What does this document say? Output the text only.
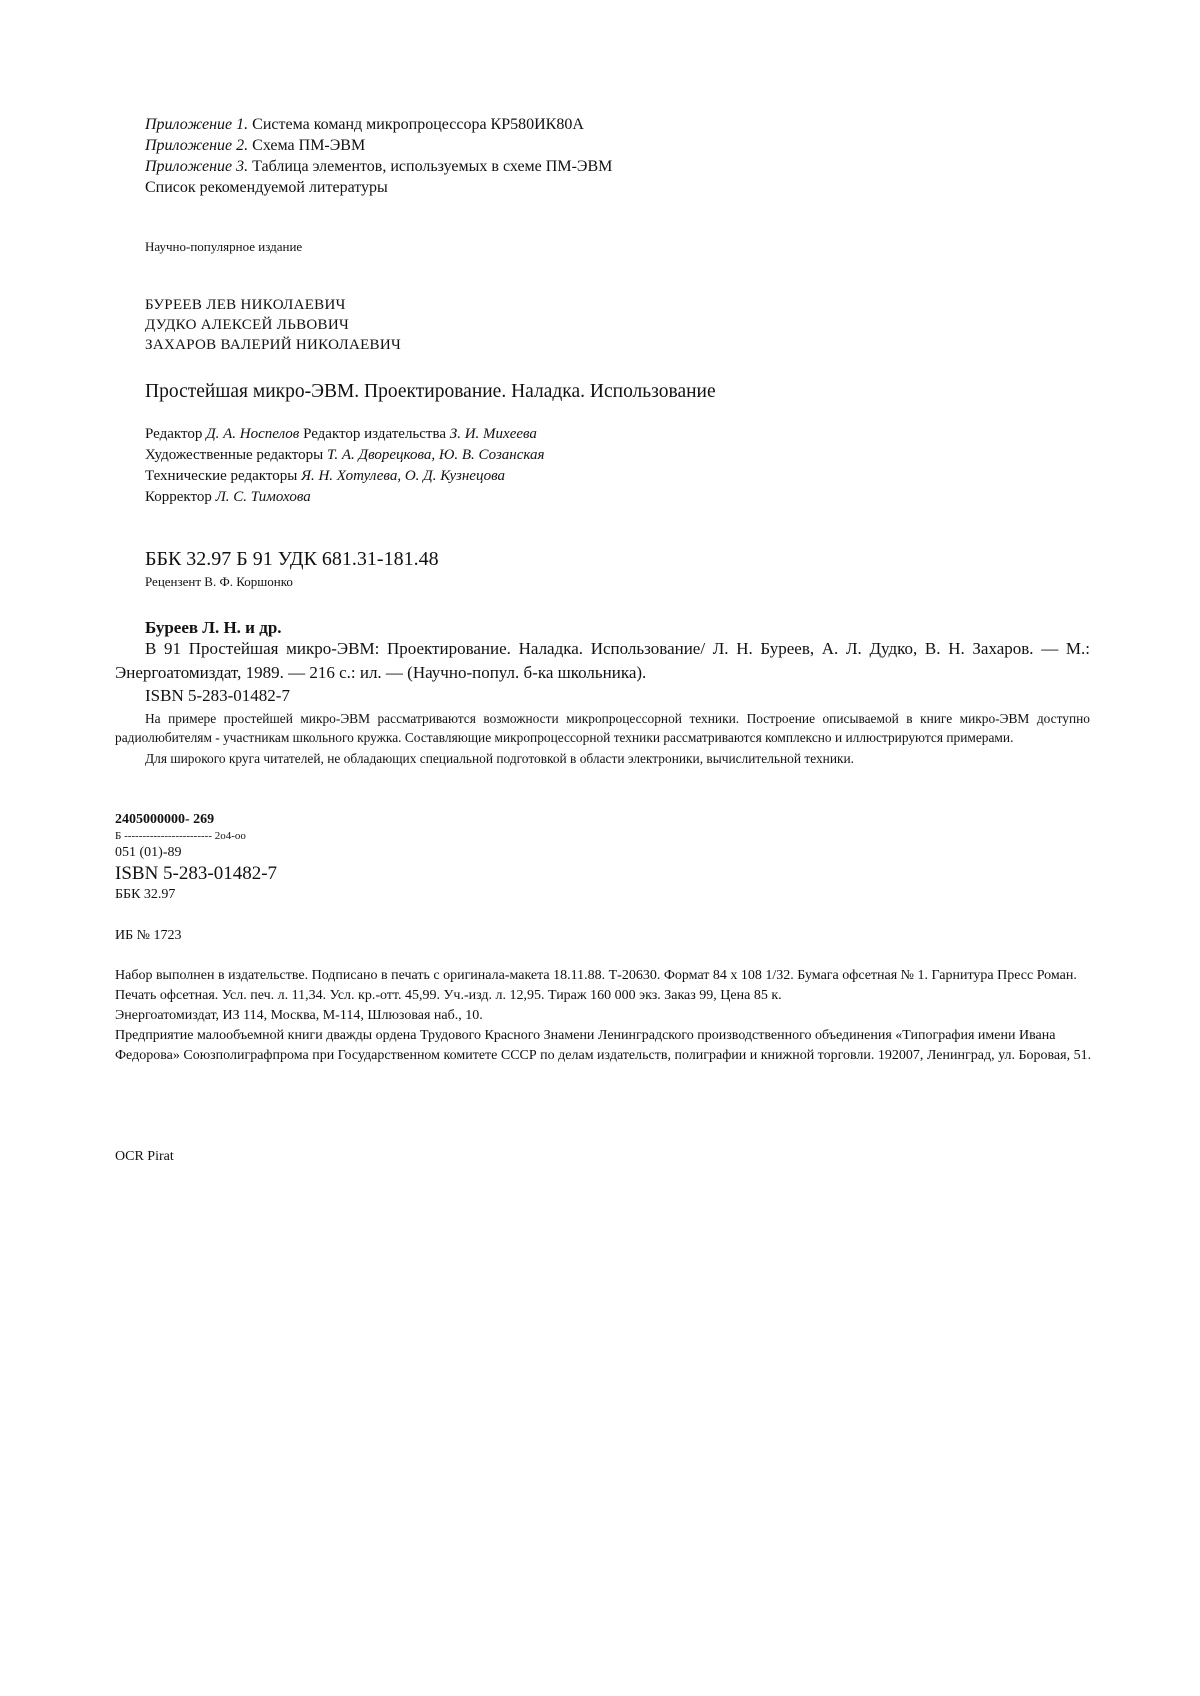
Приложение 1. Система команд микропроцессора КР580ИК80А
Приложение 2. Схема ПМ-ЭВМ
Приложение 3. Таблица элементов, используемых в схеме ПМ-ЭВМ
Список рекомендуемой литературы
Научно-популярное издание
БУРЕЕВ ЛЕВ НИКОЛАЕВИЧ
ДУДКО АЛЕКСЕЙ ЛЬВОВИЧ
ЗАХАРОВ ВАЛЕРИЙ НИКОЛАЕВИЧ
Простейшая микро-ЭВМ. Проектирование. Наладка. Использование
Редактор Д. А. Носпелов Редактор издательства З. И. Михеева
Художественные редакторы Т. А. Дворецкова, Ю. В. Созанская
Технические редакторы Я. Н. Хотулева, О. Д. Кузнецова
Корректор Л. С. Тимохова
ББК 32.97 Б 91 УДК 681.31-181.48
Рецензент В. Ф. Коршонко
Буреев Л. Н. и др.

В 91 Простейшая микро-ЭВМ: Проектирование. Наладка. Использование/ Л. Н. Буреев, А. Л. Дудко, В. Н. Захаров. — М.: Энергоатомиздат, 1989. — 216 с.: ил. — (Научно-попул. б-ка школьника).

ISBN 5-283-01482-7

На примере простейшей микро-ЭВМ рассматриваются возможности микропроцессорной техники. Построение описываемой в книге микро-ЭВМ доступно радиолюбителям - участникам школьного кружка. Составляющие микропроцессорной техники рассматриваются комплексно и иллюстрируются примерами.

Для широкого круга читателей, не обладающих специальной подготовкой в области электроники, вычислительной техники.

2405000000- 269
Б ------------------------ 2о4-оо
051 (01)-89
ISBN 5-283-01482-7
ББК 32.97
ИБ № 1723

Набор выполнен в издательстве. Подписано в печать с оригинала-макета 18.11.88. Т-20630. Формат 84 х 108 1/32. Бумага офсетная № 1. Гарнитура Пресс Роман. Печать офсетная. Усл. печ. л. 11,34. Усл. кр.-отт. 45,99. Уч.-изд. л. 12,95. Тираж 160 000 экз. Заказ 99, Цена 85 к.

Энергоатомиздат, ИЗ 114, Москва, М-114, Шлюзовая наб., 10.

Предприятие малообъемной книги дважды ордена Трудового Красного Знамени Ленинградского производственного объединения «Типография имени Ивана Федорова» Союзполиграфпрома при Государственном комитете СССР по делам издательств, полиграфии и книжной торговли. 192007, Ленинград, ул. Боровая, 51.

OCR Pirat
